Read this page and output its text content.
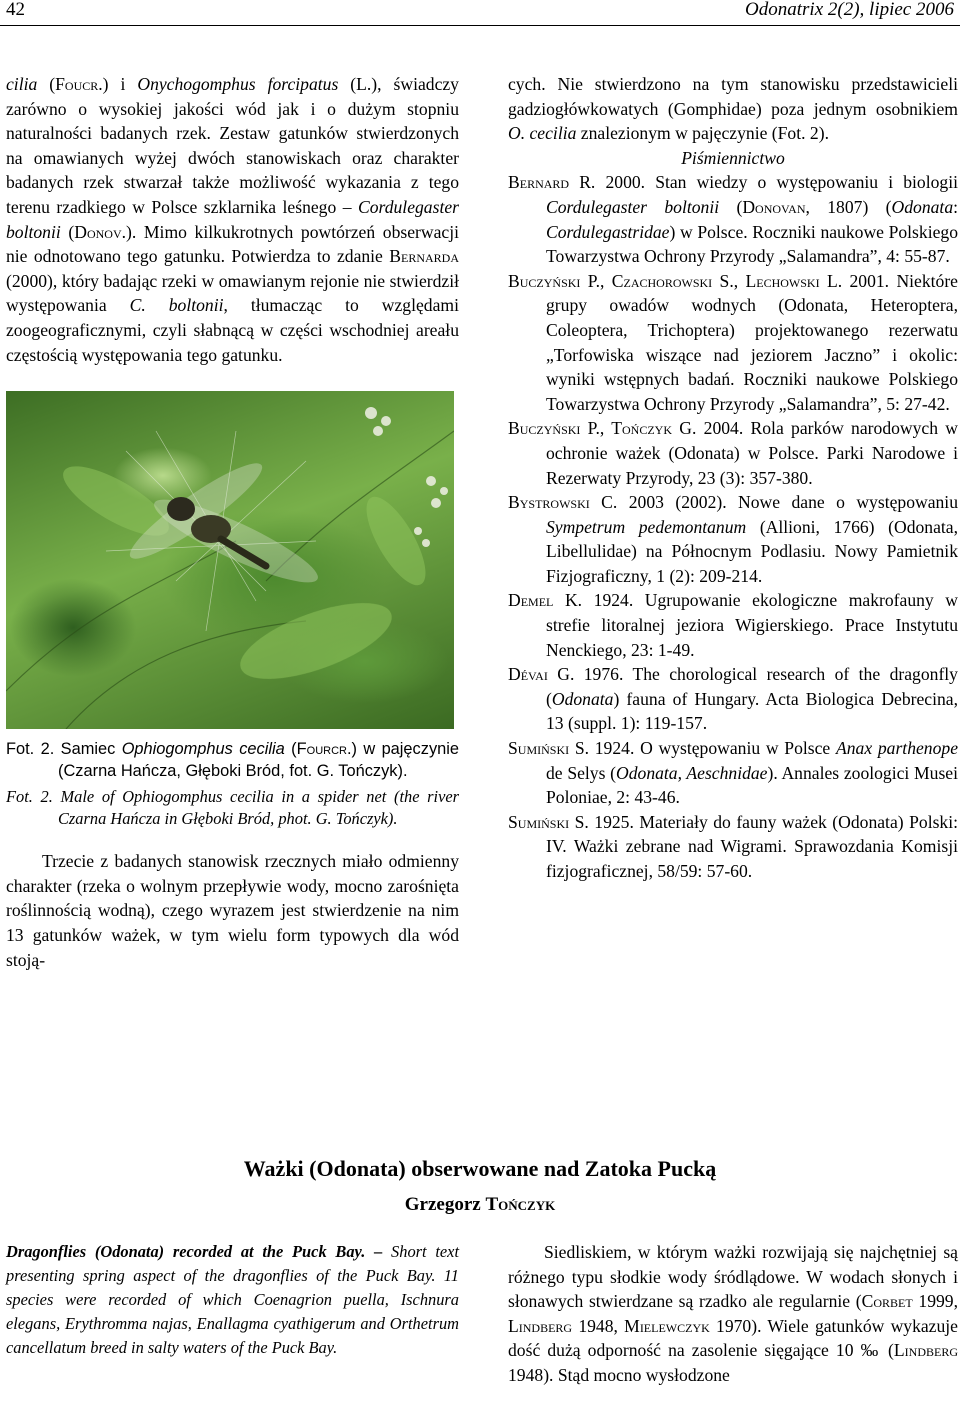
42	Odonatrix 2(2), lipiec 2006

cilia (Foucr.) i Onychogomphus forcipatus (L.), świadczy zarówno o wysokiej jakości wód jak i o dużym stopniu naturalności badanych rzek. Zestaw gatunków stwierdzonych na omawianych wyżej dwóch stanowiskach oraz charakter badanych rzek stwarzał także możliwość wykazania z tego terenu rzadkiego w Polsce szklarnika leśnego – Cordulegaster boltonii (Donov.). Mimo kilkukrotnych powtórzeń obserwacji nie odnotowano tego gatunku. Potwierdza to zdanie Bernarda (2000), który badając rzeki w omawianym rejonie nie stwierdził występowania C. boltonii, tłumacząc to względami zoogeograficznymi, czyli słabnącą w części wschodniej areału częstością występowania tego gatunku.

Fot. 2. Samiec Ophiogomphus cecilia (Fourcr.) w pajęczynie (Czarna Hańcza, Głęboki Bród, fot. G. Tończyk).

Fot. 2. Male of Ophiogomphus cecilia in a spider net (the river Czarna Hańcza in Głęboki Bród, phot. G. Tończyk).

Trzecie z badanych stanowisk rzecznych miało odmienny charakter (rzeka o wolnym przepływie wody, mocno zarośnięta roślinnością wodną), czego wyrazem jest stwierdzenie na nim 13 gatunków ważek, w tym wielu form typowych dla wód stoją-

cych. Nie stwierdzono na tym stanowisku przedstawicieli gadziogłówkowatych (Gomphidae) poza jednym osobnikiem O. cecilia znalezionym w pajęczynie (Fot. 2).

Piśmiennictwo

Bernard R. 2000. Stan wiedzy o występowaniu i biologii Cordulegaster boltonii (Donovan, 1807) (Odonata: Cordulegastridae) w Polsce. Roczniki naukowe Polskiego Towarzystwa Ochrony Przyrody „Salamandra”, 4: 55-87.

Buczyński P., Czachorowski S., Lechowski L. 2001. Niektóre grupy owadów wodnych (Odonata, Heteroptera, Coleoptera, Trichoptera) projektowanego rezerwatu „Torfowiska wiszące nad jeziorem Jaczno” i okolic: wyniki wstępnych badań. Roczniki naukowe Polskiego Towarzystwa Ochrony Przyrody „Salamandra”, 5: 27-42.

Buczyński P., Tończyk G. 2004. Rola parków narodowych w ochronie ważek (Odonata) w Polsce. Parki Narodowe i Rezerwaty Przyrody, 23 (3): 357-380.

Bystrowski C. 2003 (2002). Nowe dane o występowaniu Sympetrum pedemontanum (Allioni, 1766) (Odonata, Libellulidae) na Północnym Podlasiu. Nowy Pamietnik Fizjograficzny, 1 (2): 209-214.

Demel K. 1924. Ugrupowanie ekologiczne makrofauny w strefie litoralnej jeziora Wigierskiego. Prace Instytutu Nenckiego, 23: 1-49.

Dévai G. 1976. The chorological research of the dragonfly (Odonata) fauna of Hungary. Acta Biologica Debrecina, 13 (suppl. 1): 119-157.

Sumiński S. 1924. O występowaniu w Polsce Anax parthenope de Selys (Odonata, Aeschnidae). Annales zoologici Musei Poloniae, 2: 43-46.

Sumiński S. 1925. Materiały do fauny ważek (Odonata) Polski: IV. Ważki zebrane nad Wigrami. Sprawozdania Komisji fizjograficznej, 58/59: 57-60.

Ważki (Odonata) obserwowane nad Zatoka Pucką
Grzegorz Tończyk
Dragonflies (Odonata) recorded at the Puck Bay. – Short text presenting spring aspect of the dragonflies of the Puck Bay. 11 species were recorded of which Coenagrion puella, Ischnura elegans, Erythromma najas, Enallagma cyathigerum and Orthetrum cancellatum breed in salty waters of the Puck Bay.

Siedliskiem, w którym ważki rozwijają się najchętniej są różnego typu słodkie wody śródlądowe. W wodach słonych i słonawych stwierdzane są rzadko ale regularnie (Corbet 1999, Lindberg 1948, Mielewczyk 1970). Wiele gatunków wykazuje dość dużą odporność na zasolenie sięgające 10 ‰ (Lindberg 1948). Stąd mocno wysłodzone
